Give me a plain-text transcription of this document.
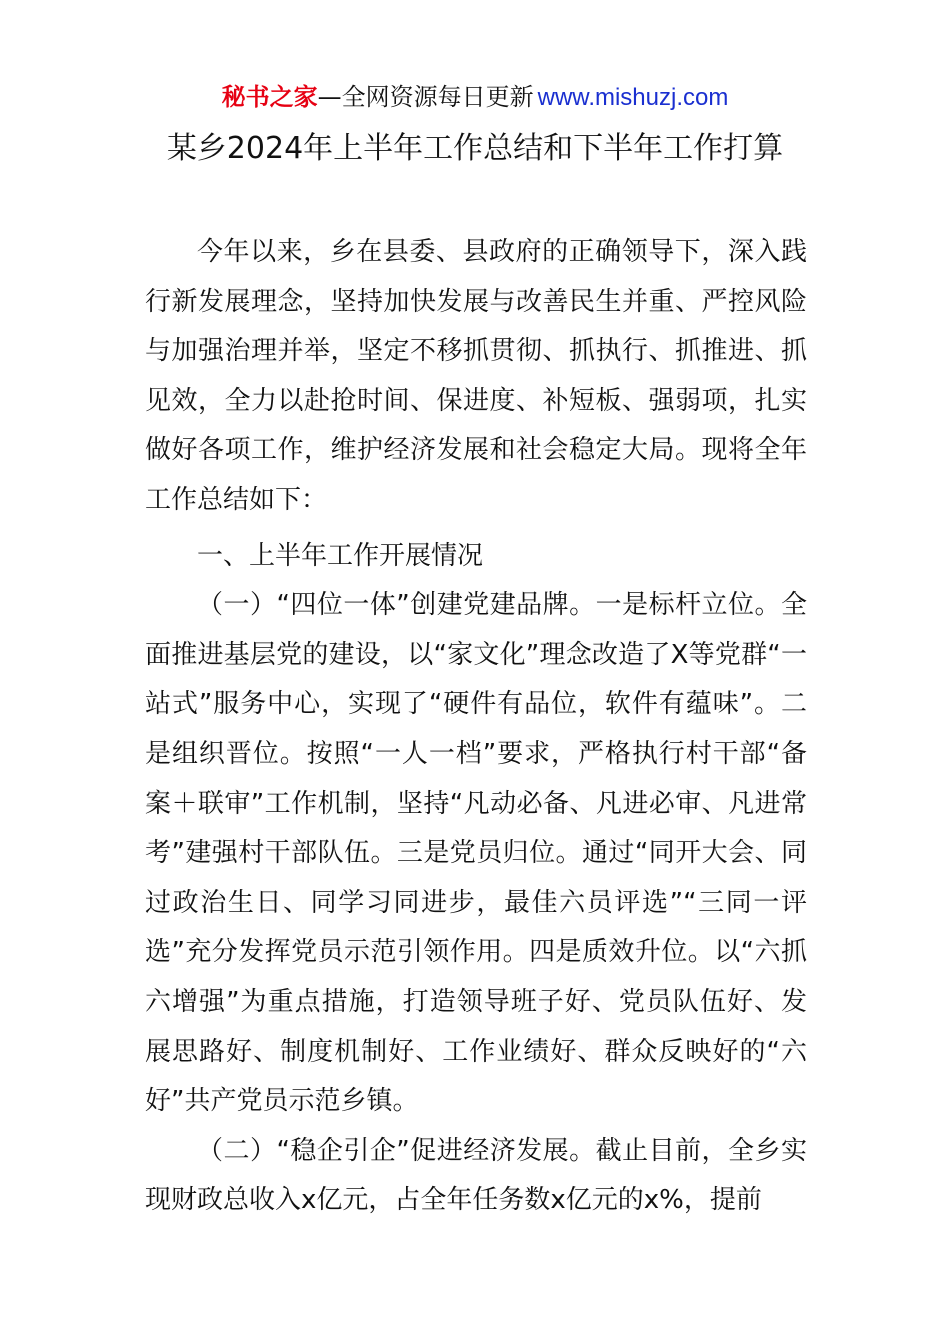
秘书之家—全网资源每日更新 www.mishuzj.com
某乡2024年上半年工作总结和下半年工作打算

今年以来，乡在县委、县政府的正确领导下，深入践行新发展理念，坚持加快发展与改善民生并重、严控风险与加强治理并举，坚定不移抓贯彻、抓执行、抓推进、抓见效，全力以赴抢时间、保进度、补短板、强弱项，扎实做好各项工作，维护经济发展和社会稳定大局。现将全年工作总结如下：

一、上半年工作开展情况

（一）“四位一体”创建党建品牌。一是标杆立位。全面推进基层党的建设，以“家文化”理念改造了X等党群“一站式”服务中心，实现了“硬件有品位，软件有蕴味”。二是组织晋位。按照“一人一档”要求，严格执行村干部“备案＋联审”工作机制，坚持“凡动必备、凡进必审、凡进常考”建强村干部队伍。三是党员归位。通过“同开大会、同过政治生日、同学习同进步，最佳六员评选”“三同一评选”充分发挥党员示范引领作用。四是质效升位。以“六抓六增强”为重点措施，打造领导班子好、党员队伍好、发展思路好、制度机制好、工作业绩好、群众反映好的“六好”共产党员示范乡镇。

（二）“稳企引企”促进经济发展。截止目前，全乡实现财政总收入x亿元，占全年任务数x亿元的x%，提前
